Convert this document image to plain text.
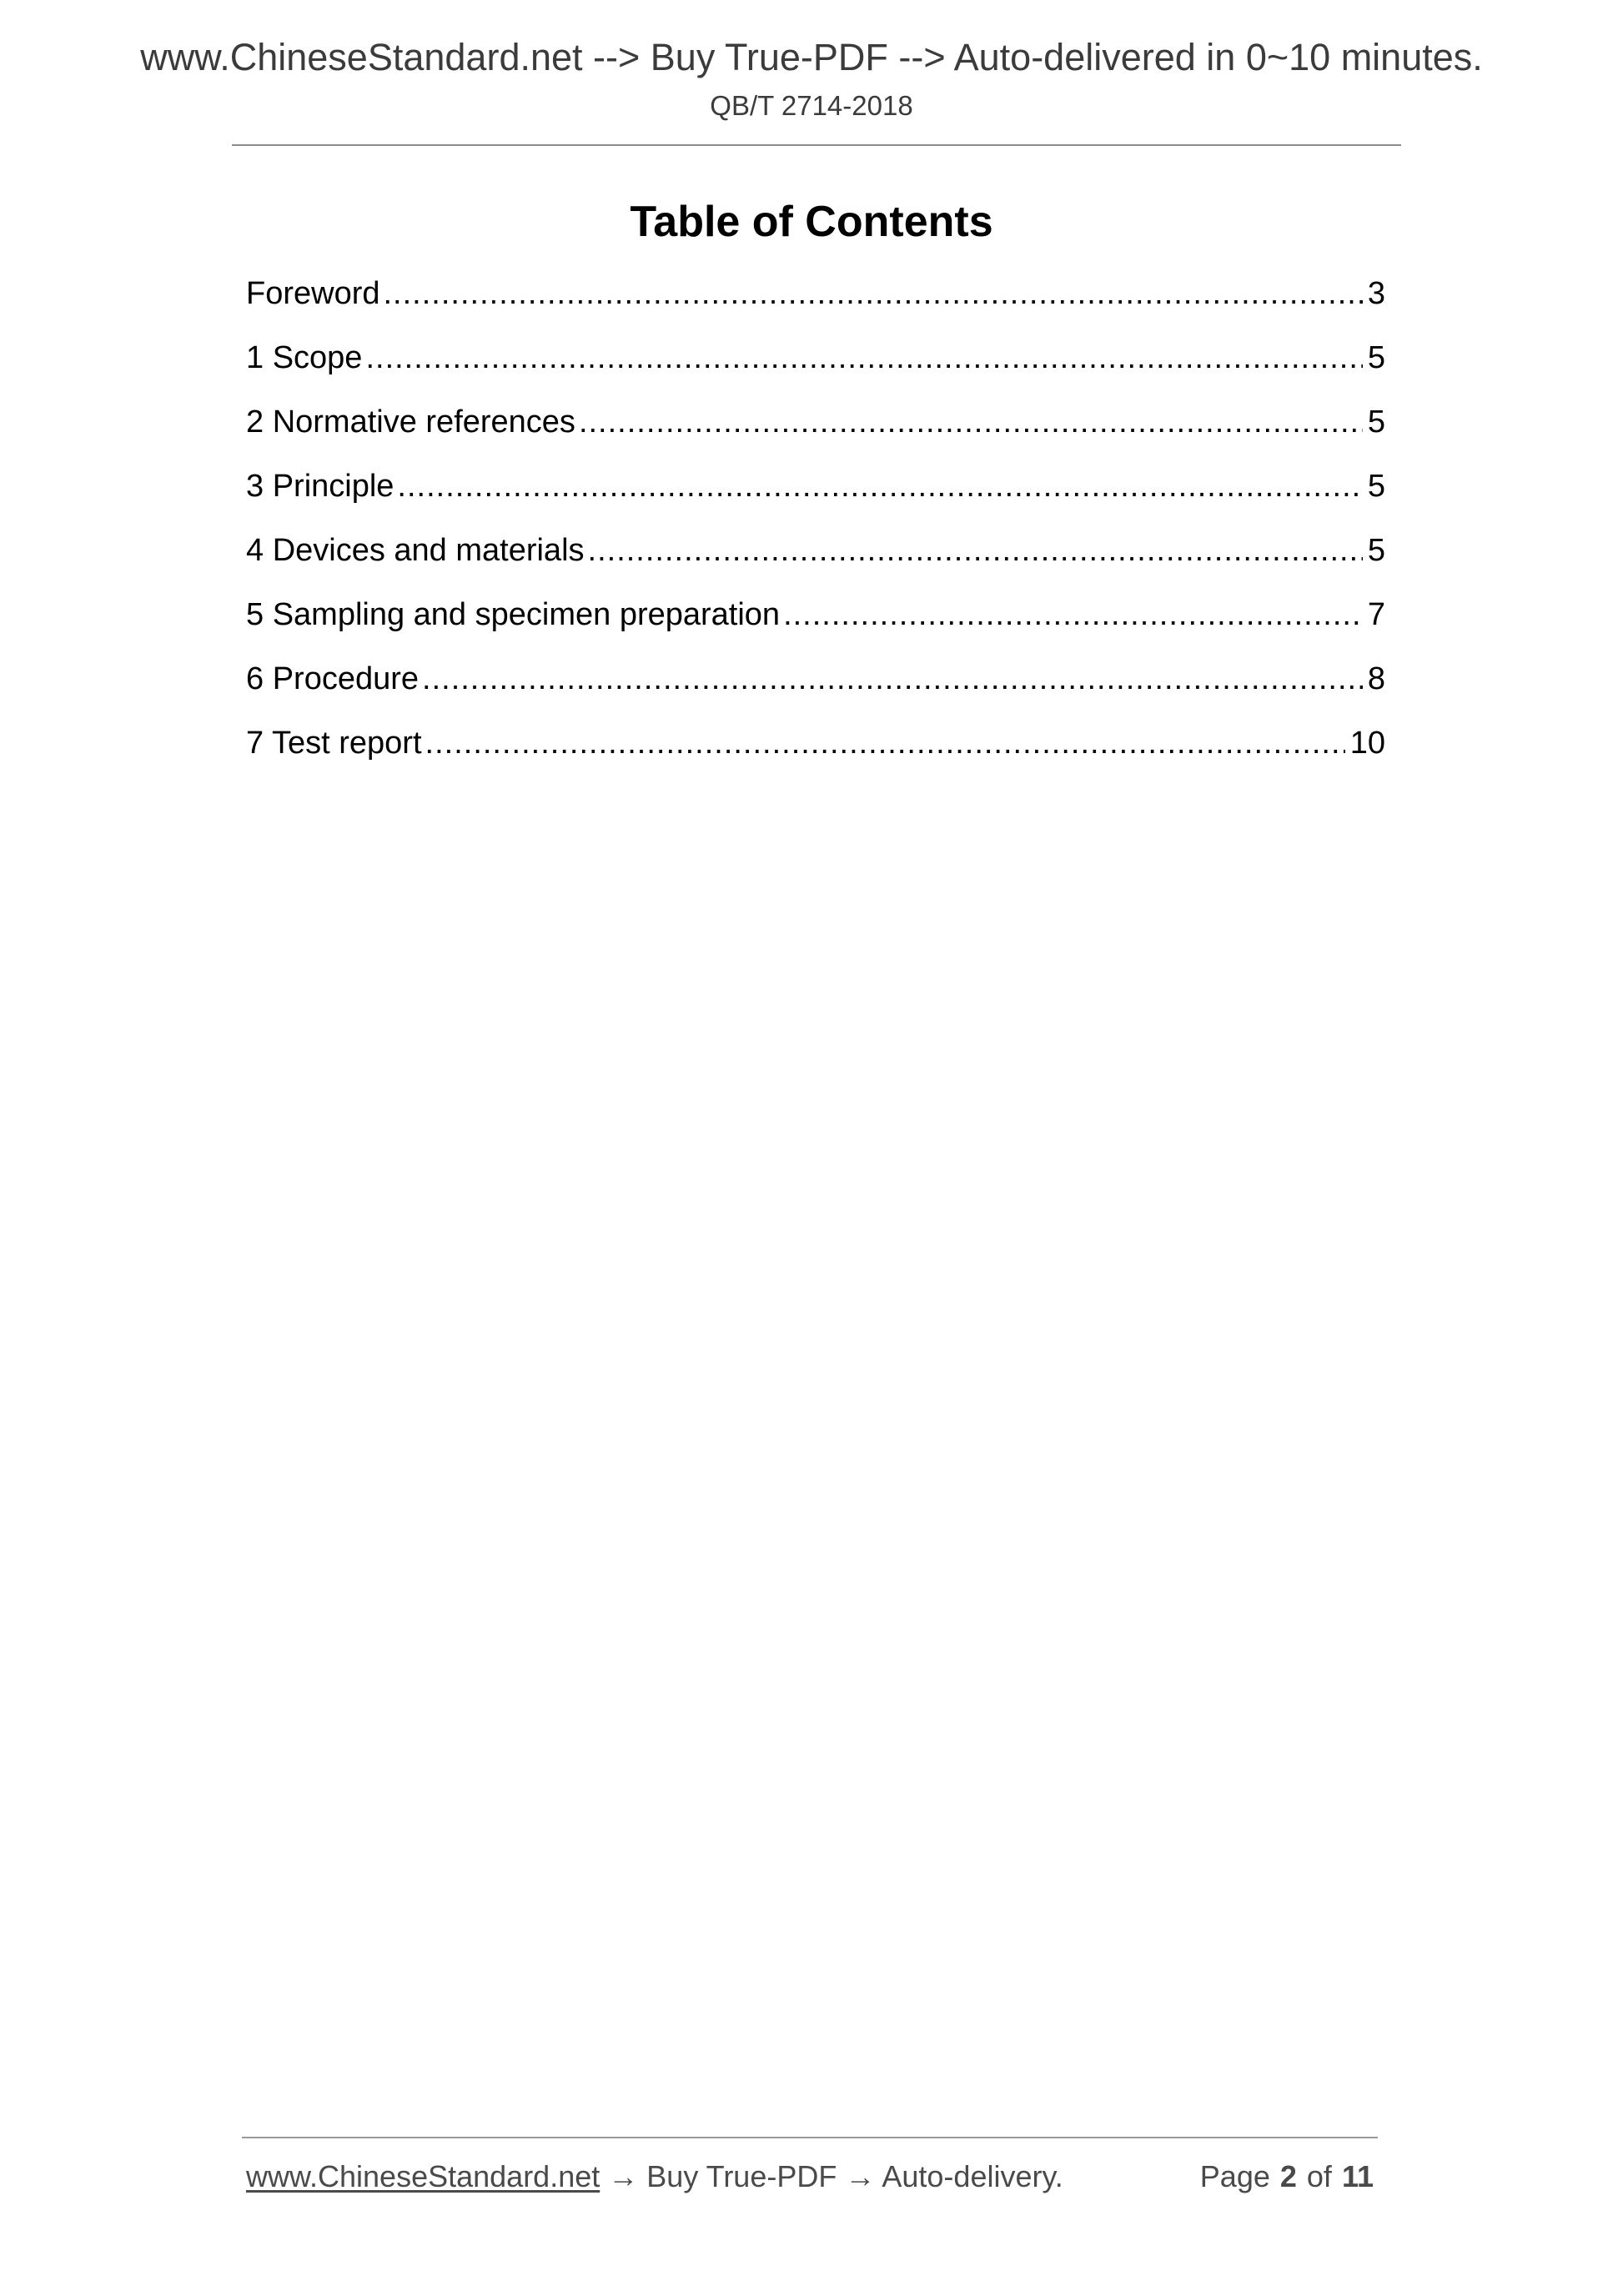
www.ChineseStandard.net --> Buy True-PDF --> Auto-delivered in 0~10 minutes.
QB/T 2714-2018
Table of Contents
Foreword .....	3
1 Scope .....	5
2 Normative references .....	5
3 Principle .....	5
4 Devices and materials .....	5
5 Sampling and specimen preparation .....	7
6 Procedure .....	8
7 Test report .....	10
www.ChineseStandard.net → Buy True-PDF → Auto-delivery.	Page 2 of 11
